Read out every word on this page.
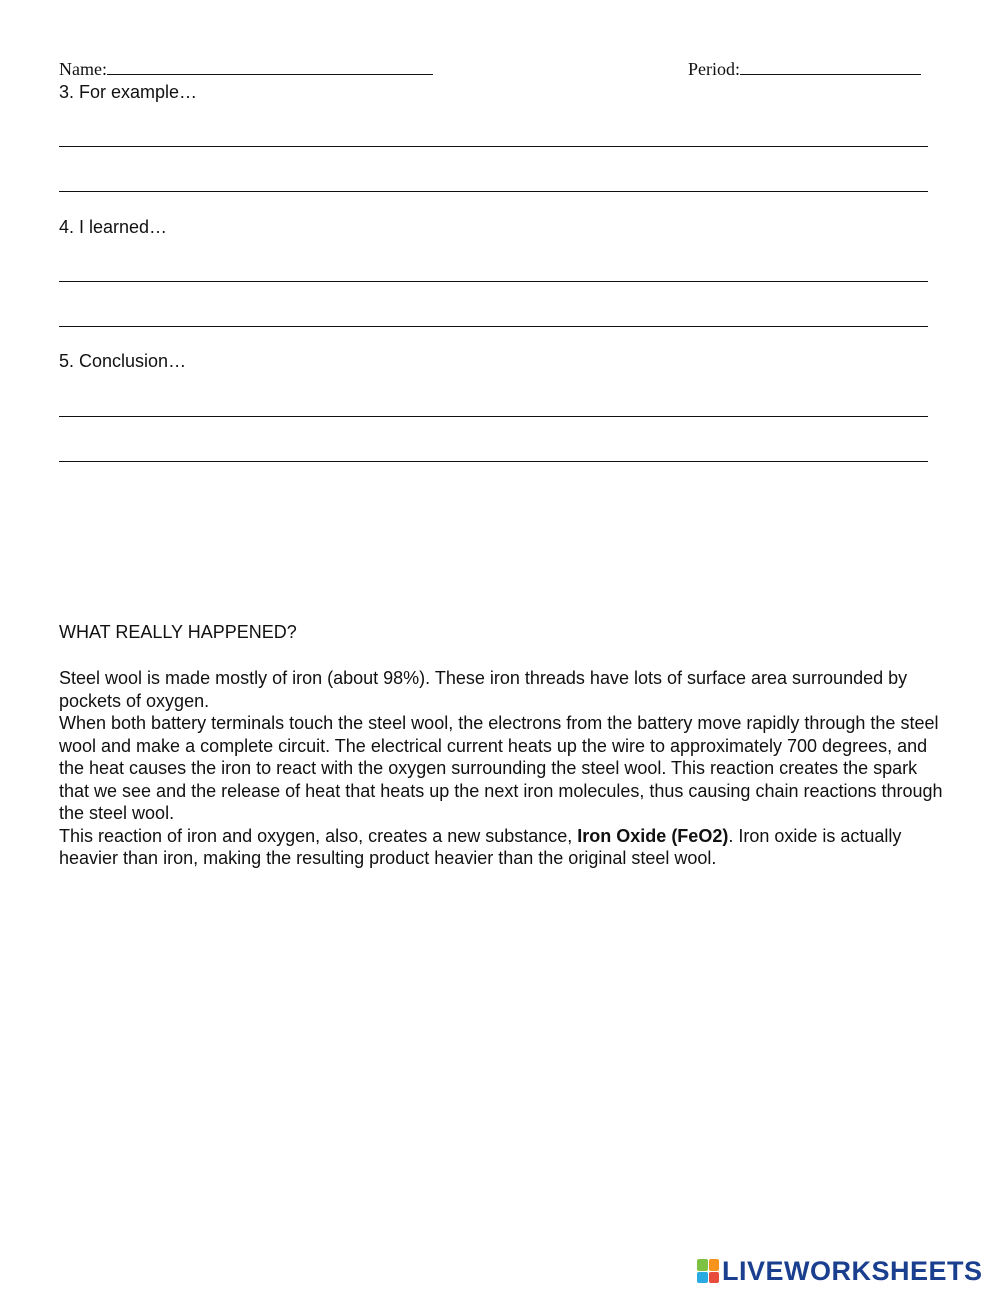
Name:	Period:
3. For example…
4. I learned…
5. Conclusion…
WHAT REALLY HAPPENED?

Steel wool is made mostly of iron (about 98%). These iron threads have lots of surface area surrounded by pockets of oxygen.

When both battery terminals touch the steel wool, the electrons from the battery move rapidly through the steel wool and make a complete circuit. The electrical current heats up the wire to approximately 700 degrees, and the heat causes the iron to react with the oxygen surrounding the steel wool. This reaction creates the spark that we see and the release of heat that heats up the next iron molecules, thus causing chain reactions through the steel wool.

This reaction of iron and oxygen, also, creates a new substance, Iron Oxide (FeO2). Iron oxide is actually heavier than iron, making the resulting product heavier than the original steel wool.

LIVEWORKSHEETS
